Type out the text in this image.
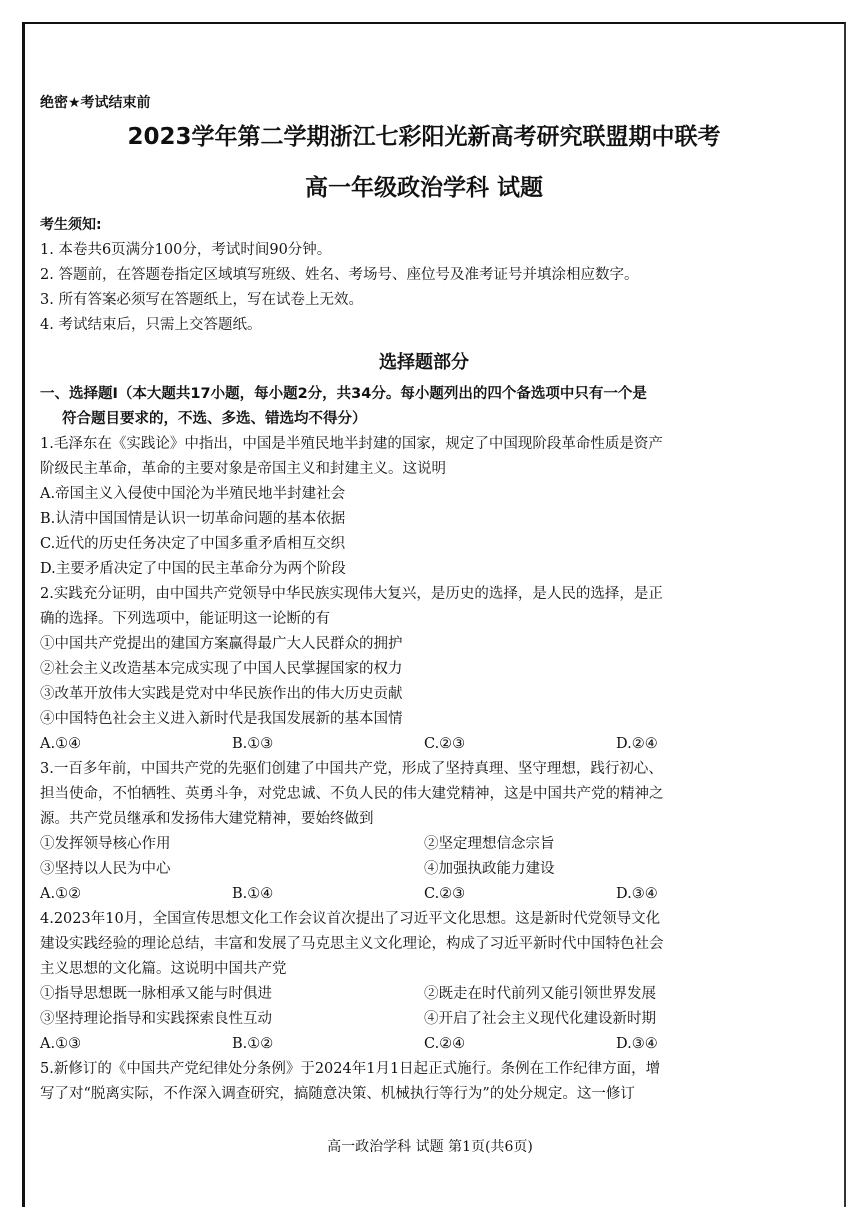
绝密★考试结束前

2023学年第二学期浙江七彩阳光新高考研究联盟期中联考
高一年级政治学科 试题

考生须知:

1. 本卷共6页满分100分，考试时间90分钟。

2. 答题前，在答题卷指定区域填写班级、姓名、考场号、座位号及准考证号并填涂相应数字。

3. 所有答案必须写在答题纸上，写在试卷上无效。

4. 考试结束后，只需上交答题纸。

选择题部分
一、选择题Ⅰ（本大题共17小题，每小题2分，共34分。每小题列出的四个备选项中只有一个是
符合题目要求的，不选、多选、错选均不得分）
1.毛泽东在《实践论》中指出，中国是半殖民地半封建的国家，规定了中国现阶段革命性质是资产
阶级民主革命，革命的主要对象是帝国主义和封建主义。这说明
A.帝国主义入侵使中国沦为半殖民地半封建社会
B.认清中国国情是认识一切革命问题的基本依据
C.近代的历史任务决定了中国多重矛盾相互交织
D.主要矛盾决定了中国的民主革命分为两个阶段
2.实践充分证明，由中国共产党领导中华民族实现伟大复兴，是历史的选择，是人民的选择，是正
确的选择。下列选项中，能证明这一论断的有
①中国共产党提出的建国方案赢得最广大人民群众的拥护
②社会主义改造基本完成实现了中国人民掌握国家的权力
③改革开放伟大实践是党对中华民族作出的伟大历史贡献
④中国特色社会主义进入新时代是我国发展新的基本国情
A.①④	B.①③	C.②③	D.②④
3.一百多年前，中国共产党的先驱们创建了中国共产党，形成了坚持真理、坚守理想，践行初心、
担当使命，不怕牺牲、英勇斗争，对党忠诚、不负人民的伟大建党精神，这是中国共产党的精神之
源。共产党员继承和发扬伟大建党精神，要始终做到
①发挥领导核心作用	②坚定理想信念宗旨
③坚持以人民为中心	④加强执政能力建设
A.①②	B.①④	C.②③	D.③④
4.2023年10月，全国宣传思想文化工作会议首次提出了习近平文化思想。这是新时代党领导文化
建设实践经验的理论总结，丰富和发展了马克思主义文化理论，构成了习近平新时代中国特色社会
主义思想的文化篇。这说明中国共产党
①指导思想既一脉相承又能与时俱进	②既走在时代前列又能引领世界发展
③坚持理论指导和实践探索良性互动	④开启了社会主义现代化建设新时期
A.①③	B.①②	C.②④	D.③④
5.新修订的《中国共产党纪律处分条例》于2024年1月1日起正式施行。条例在工作纪律方面，增
写了对“脱离实际，不作深入调查研究，搞随意决策、机械执行等行为”的处分规定。这一修订
高一政治学科 试题 第1页(共6页)
